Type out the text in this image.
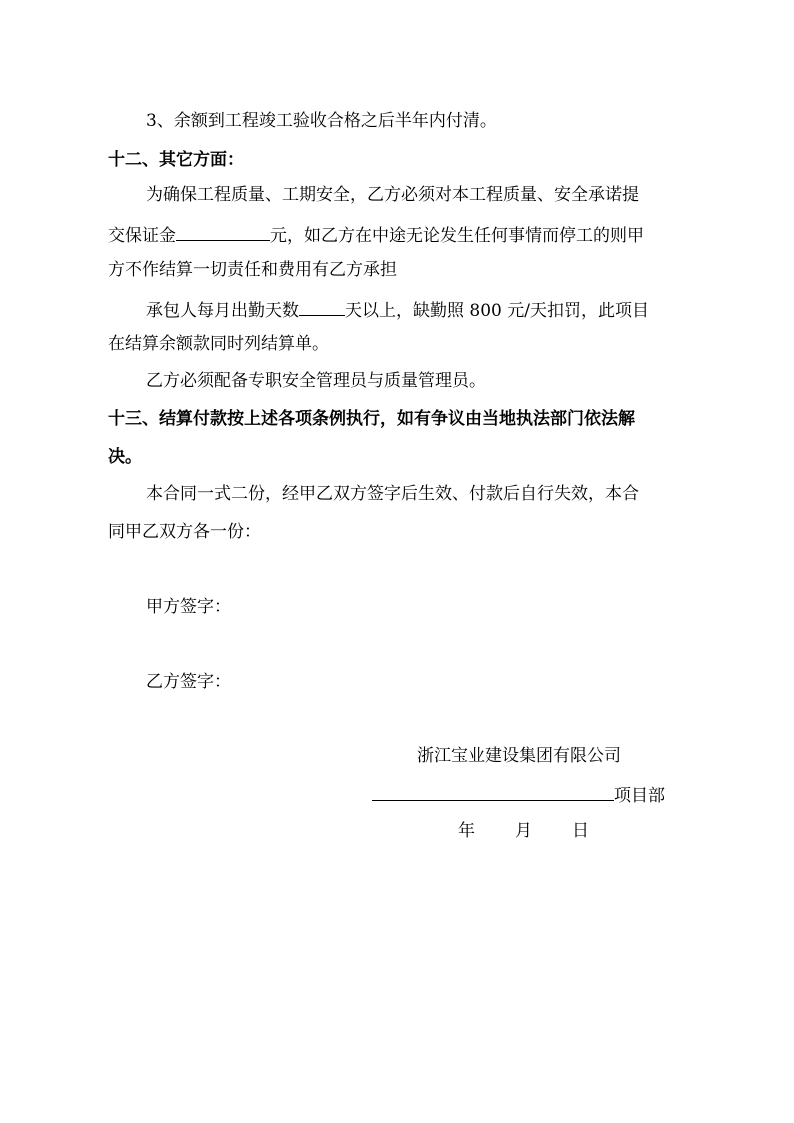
3、余额到工程竣工验收合格之后半年内付清。
十二、其它方面：
为确保工程质量、工期安全，乙方必须对本工程质量、安全承诺提
交保证金	元，如乙方在中途无论发生任何事情而停工的则甲
方不作结算一切责任和费用有乙方承担
承包人每月出勤天数	天以上，缺勤照 800 元/天扣罚，此项目
在结算余额款同时列结算单。
乙方必须配备专职安全管理员与质量管理员。
十三、结算付款按上述各项条例执行，如有争议由当地执法部门依法解
决。
本合同一式二份，经甲乙双方签字后生效、付款后自行失效，本合
同甲乙双方各一份：
甲方签字：
乙方签字：
浙江宝业建设集团有限公司
项目部
年 月 日
